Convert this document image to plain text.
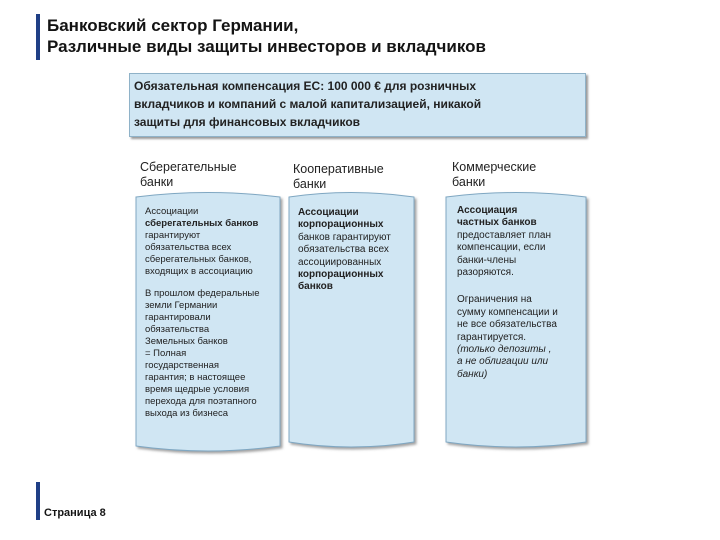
Банковский сектор Германии,
Различные виды защиты инвесторов и вкладчиков
Обязательная компенсация ЕС: 100 000 € для розничных
вкладчиков и компаний с малой капитализацией, никакой
защиты для финансовых вкладчиков
Сберегательные
банки
Кооперативные
банки
Коммерческие
банки

Ассоциации

сберегательных банков

гарантируют

обязательства всех

сберегательных банков,

входящих в ассоциацию

В прошлом федеральные

земли Германии

гарантировали

обязательства

Земельных банков

= Полная

государственная

гарантия; в настоящее

время щедрые условия

перехода для поэтапного

выхода из бизнеса

Ассоциации

корпорационных

банков гарантируют

обязательства всех

ассоциированных

корпорационных

банков

Ассоциация

частных банков

предоставляет план

компенсации, если

банки-члены

разоряются.

Ограничения на

сумму компенсации и

не все обязательства

гарантируется.

(только депозиты ,

а не облигации или

банки)

Страница 8
